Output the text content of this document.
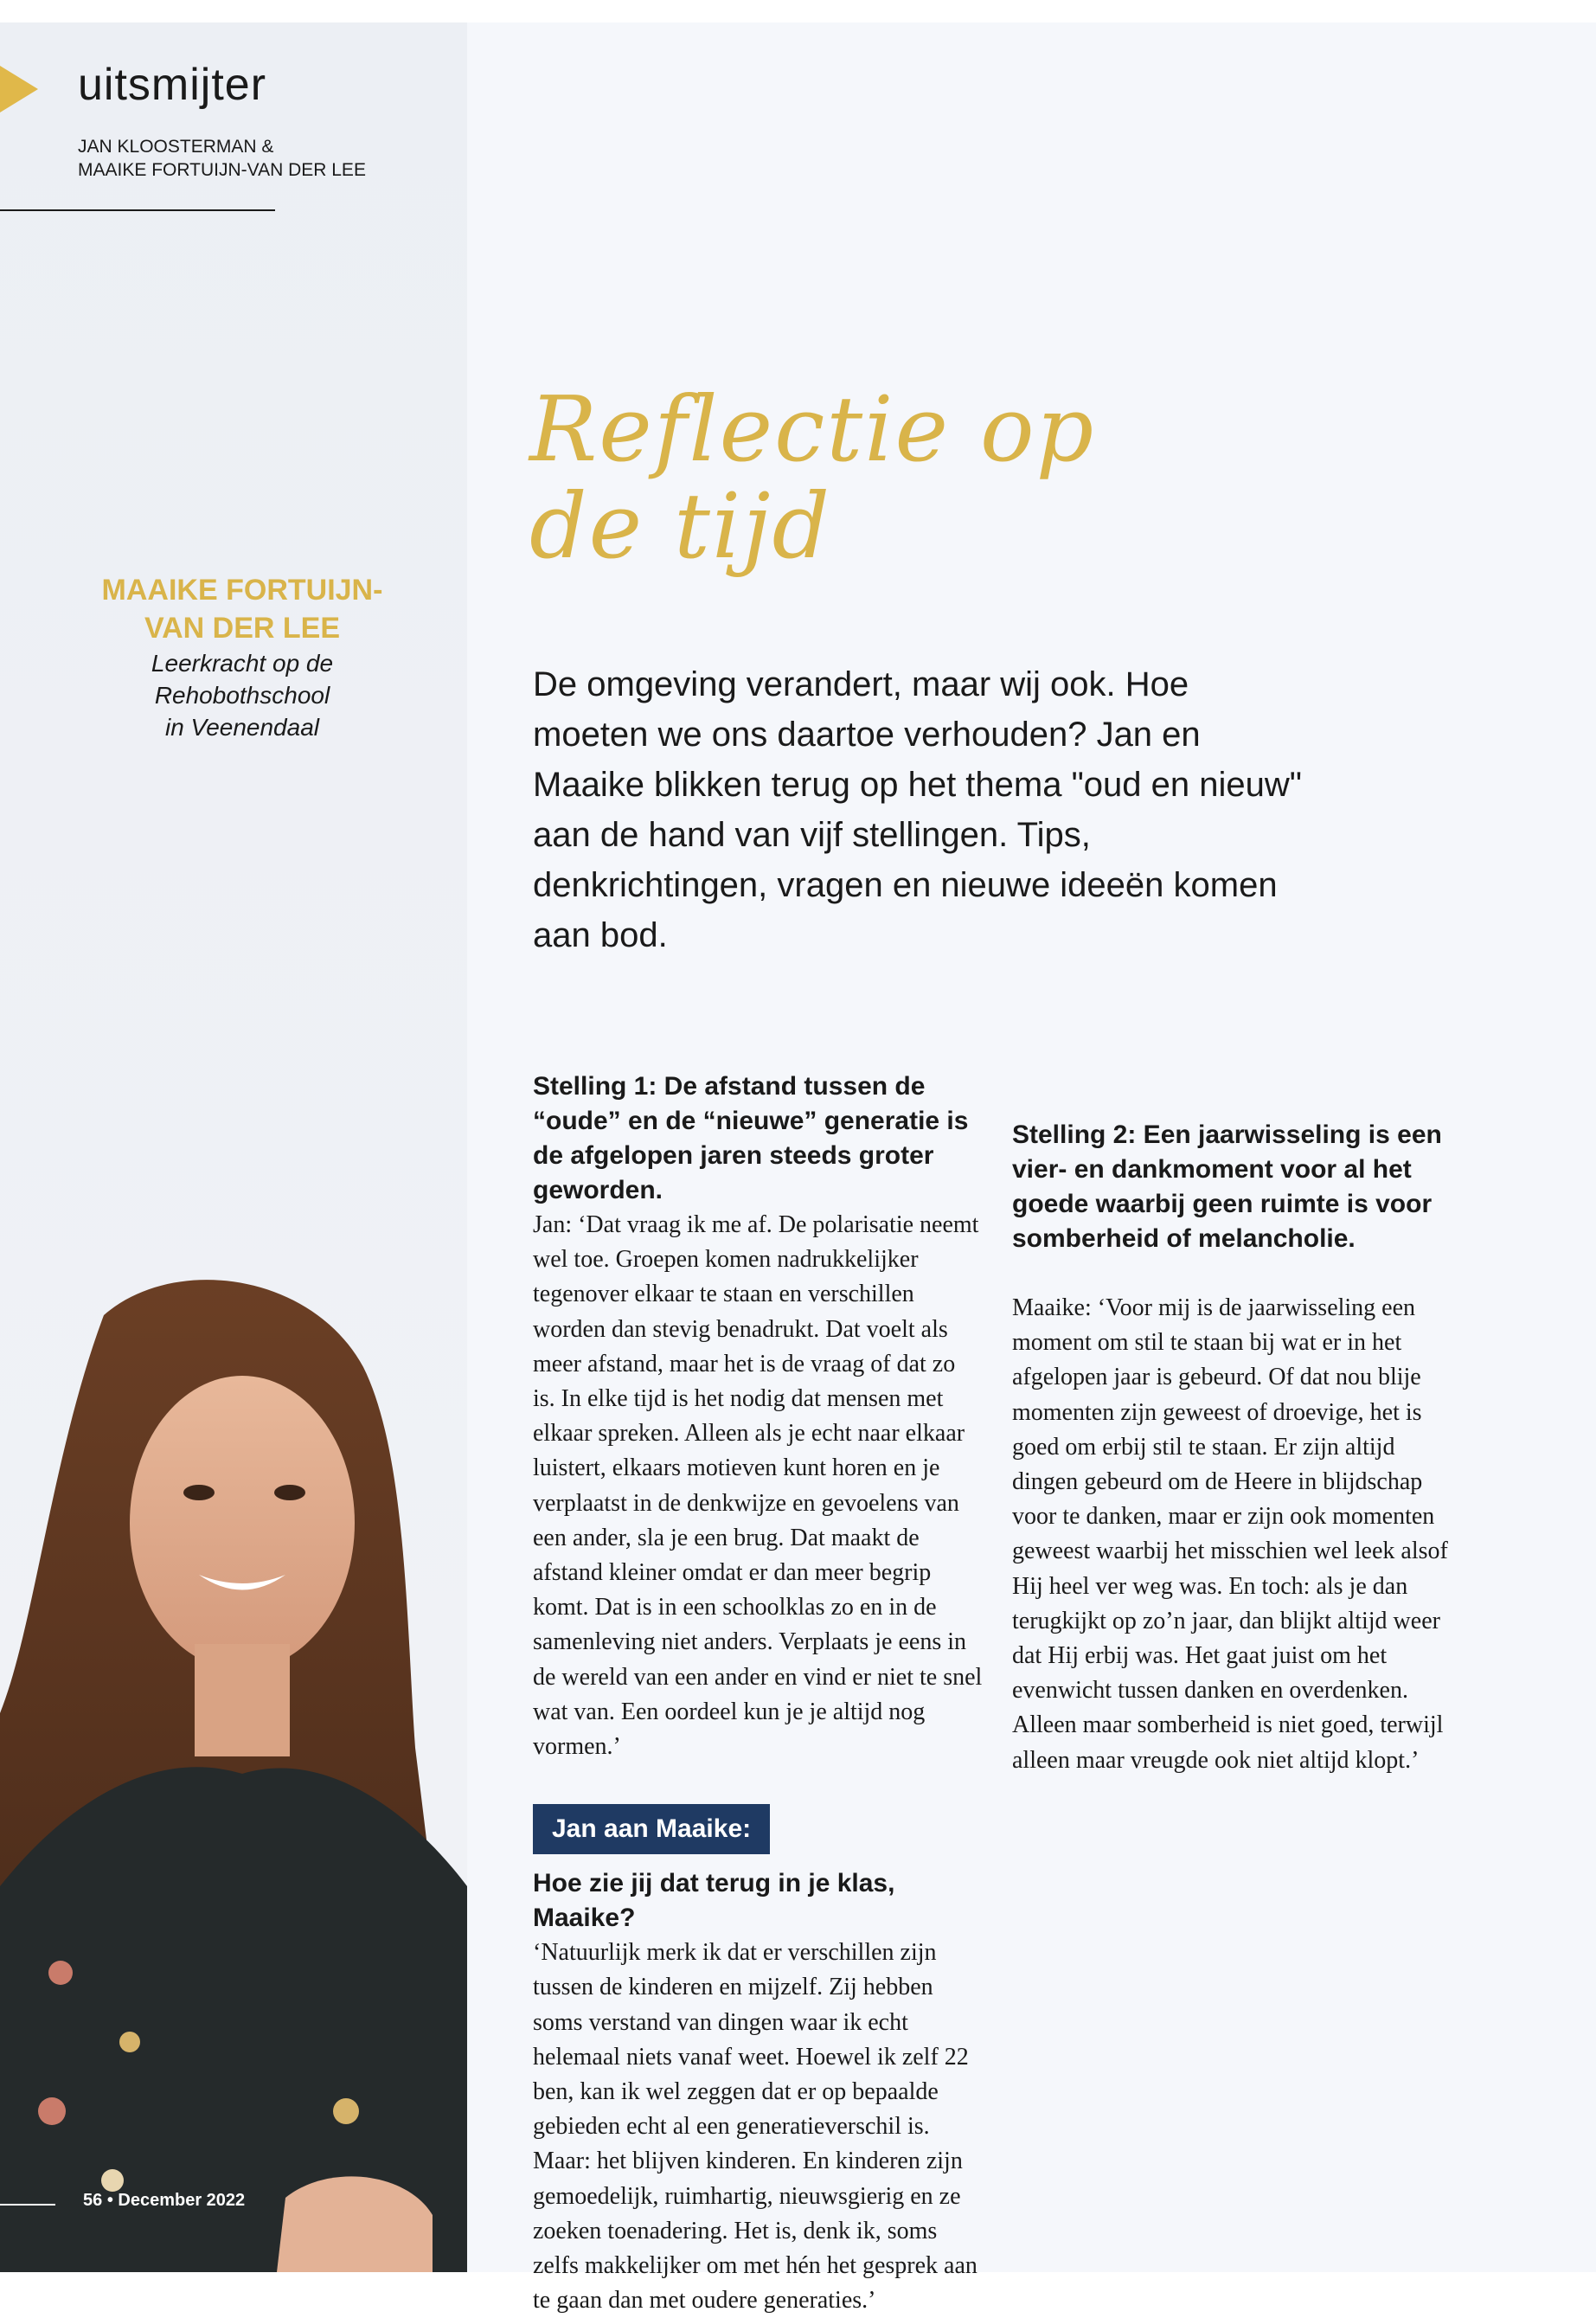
uitsmijter
JAN KLOOSTERMAN &
MAAIKE FORTUIJN-VAN DER LEE
Reflectie op
de tijd
MAAIKE FORTUIJN-
VAN DER LEE
Leerkracht op de
Rehobothschool
in Veenendaal

De omgeving verandert, maar wij ook. Hoe moeten we ons daartoe verhouden? Jan en Maaike blikken terug op het thema "oud en nieuw" aan de hand van vijf stellingen. Tips, denkrichtingen, vragen en nieuwe ideeën komen aan bod.

Stelling 1: De afstand tussen de “oude” en de “nieuwe” generatie is de afgelopen jaren steeds groter geworden.

Jan: ‘Dat vraag ik me af. De polarisatie neemt wel toe. Groepen komen nadrukkelijker tegenover elkaar te staan en verschillen worden dan stevig benadrukt. Dat voelt als meer afstand, maar het is de vraag of dat zo is. In elke tijd is het nodig dat mensen met elkaar spreken. Alleen als je echt naar elkaar luistert, elkaars motieven kunt horen en je verplaatst in de denkwijze en gevoelens van een ander, sla je een brug. Dat maakt de afstand kleiner omdat er dan meer begrip komt. Dat is in een schoolklas zo en in de samenleving niet anders. Verplaats je eens in de wereld van een ander en vind er niet te snel wat van. Een oordeel kun je je altijd nog vormen.’

Jan aan Maaike:
Hoe zie jij dat terug in je klas, Maaike?

‘Natuurlijk merk ik dat er verschillen zijn tussen de kinderen en mijzelf. Zij hebben soms verstand van dingen waar ik echt helemaal niets vanaf weet. Hoewel ik zelf 22 ben, kan ik wel zeggen dat er op bepaalde gebieden echt al een generatieverschil is. Maar: het blijven kinderen. En kinderen zijn gemoedelijk, ruimhartig, nieuwsgierig en ze zoeken toenadering. Het is, denk ik, soms zelfs makkelijker om met hén het gesprek aan te gaan dan met oudere generaties.’

Stelling 2: Een jaarwisseling is een vier- en dankmoment voor al het goede waarbij geen ruimte is voor somberheid of melancholie.

Maaike: ‘Voor mij is de jaarwisseling een moment om stil te staan bij wat er in het afgelopen jaar is gebeurd. Of dat nou blije momenten zijn geweest of droevige, het is goed om erbij stil te staan. Er zijn altijd dingen gebeurd om de Heere in blijdschap voor te danken, maar er zijn ook momenten geweest waarbij het misschien wel leek alsof Hij heel ver weg was. En toch: als je dan terugkijkt op zo’n jaar, dan blijkt altijd weer dat Hij erbij was. Het gaat juist om het evenwicht tussen danken en overdenken. Alleen maar somberheid is niet goed, terwijl alleen maar vreugde ook niet altijd klopt.’

56 • December 2022
